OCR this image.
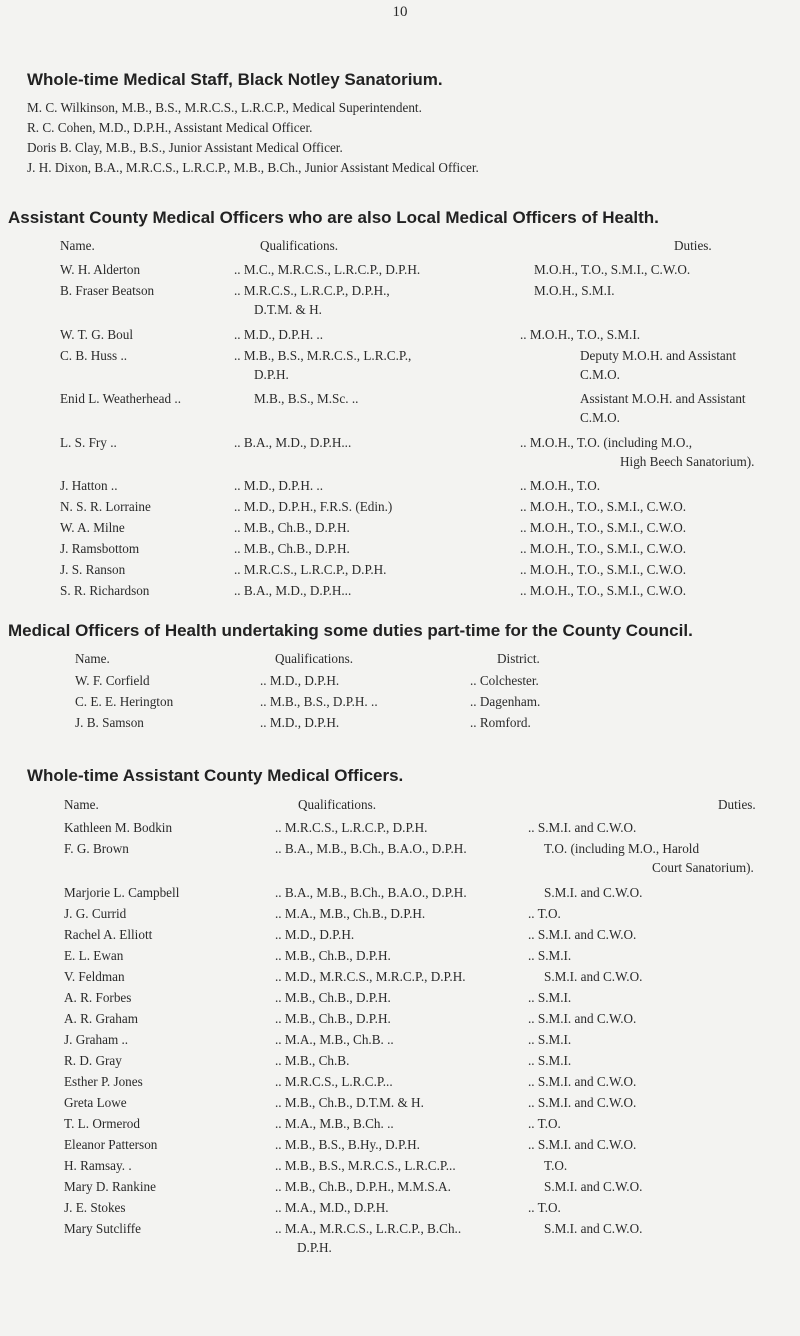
10
Whole-time Medical Staff, Black Notley Sanatorium.
M. C. Wilkinson, M.B., B.S., M.R.C.S., L.R.C.P., Medical Superintendent.
R. C. Cohen, M.D., D.P.H., Assistant Medical Officer.
Doris B. Clay, M.B., B.S., Junior Assistant Medical Officer.
J. H. Dixon, B.A., M.R.C.S., L.R.C.P., M.B., B.Ch., Junior Assistant Medical Officer.
Assistant County Medical Officers who are also Local Medical Officers of Health.
Name.	Qualifications.	Duties.
W. H. Alderton	.. M.C., M.R.C.S., L.R.C.P., D.P.H.	M.O.H., T.O., S.M.I., C.W.O.
B. Fraser Beatson	.. M.R.C.S., L.R.C.P., D.P.H.,	M.O.H., S.M.I.
D.T.M. & H.
W. T. G. Boul	.. M.D., D.P.H. ..	.. M.O.H., T.O., S.M.I.
C. B. Huss ..	.. M.B., B.S., M.R.C.S., L.R.C.P.,	Deputy M.O.H. and Assistant
D.P.H.	C.M.O.
Enid L. Weatherhead ..	M.B., B.S., M.Sc. ..	Assistant M.O.H. and Assistant
C.M.O.
L. S. Fry ..	.. B.A., M.D., D.P.H...	.. M.O.H., T.O. (including M.O.,
High Beech Sanatorium).
J. Hatton ..	.. M.D., D.P.H. ..	.. M.O.H., T.O.
N. S. R. Lorraine	.. M.D., D.P.H., F.R.S. (Edin.)	.. M.O.H., T.O., S.M.I., C.W.O.
W. A. Milne	.. M.B., Ch.B., D.P.H.	.. M.O.H., T.O., S.M.I., C.W.O.
J. Ramsbottom	.. M.B., Ch.B., D.P.H.	.. M.O.H., T.O., S.M.I., C.W.O.
J. S. Ranson	.. M.R.C.S., L.R.C.P., D.P.H.	.. M.O.H., T.O., S.M.I., C.W.O.
S. R. Richardson	.. B.A., M.D., D.P.H...	.. M.O.H., T.O., S.M.I., C.W.O.
Medical Officers of Health undertaking some duties part-time for the County Council.
Name.	Qualifications.	District.
W. F. Corfield	.. M.D., D.P.H.	.. Colchester.
C. E. E. Herington	.. M.B., B.S., D.P.H. ..	.. Dagenham.
J. B. Samson	.. M.D., D.P.H.	.. Romford.
Whole-time Assistant County Medical Officers.
Name.	Qualifications.	Duties.
Kathleen M. Bodkin	.. M.R.C.S., L.R.C.P., D.P.H.	.. S.M.I. and C.W.O.
F. G. Brown	.. B.A., M.B., B.Ch., B.A.O., D.P.H.	T.O. (including M.O., Harold
Court Sanatorium).
Marjorie L. Campbell	.. B.A., M.B., B.Ch., B.A.O., D.P.H.	S.M.I. and C.W.O.
J. G. Currid	.. M.A., M.B., Ch.B., D.P.H.	.. T.O.
Rachel A. Elliott	.. M.D., D.P.H.	.. S.M.I. and C.W.O.
E. L. Ewan	.. M.B., Ch.B., D.P.H.	.. S.M.I.
V. Feldman	.. M.D., M.R.C.S., M.R.C.P., D.P.H.	S.M.I. and C.W.O.
A. R. Forbes	.. M.B., Ch.B., D.P.H.	.. S.M.I.
A. R. Graham	.. M.B., Ch.B., D.P.H.	.. S.M.I. and C.W.O.
J. Graham ..	.. M.A., M.B., Ch.B. ..	.. S.M.I.
R. D. Gray	.. M.B., Ch.B.	.. S.M.I.
Esther P. Jones	.. M.R.C.S., L.R.C.P...	.. S.M.I. and C.W.O.
Greta Lowe	.. M.B., Ch.B., D.T.M. & H.	.. S.M.I. and C.W.O.
T. L. Ormerod	.. M.A., M.B., B.Ch. ..	.. T.O.
Eleanor Patterson	.. M.B., B.S., B.Hy., D.P.H.	.. S.M.I. and C.W.O.
H. Ramsay. .	.. M.B., B.S., M.R.C.S., L.R.C.P...	T.O.
Mary D. Rankine	.. M.B., Ch.B., D.P.H., M.M.S.A.	S.M.I. and C.W.O.
J. E. Stokes	.. M.A., M.D., D.P.H.	.. T.O.
Mary Sutcliffe	.. M.A., M.R.C.S., L.R.C.P., B.Ch..	S.M.I. and C.W.O.
D.P.H.
